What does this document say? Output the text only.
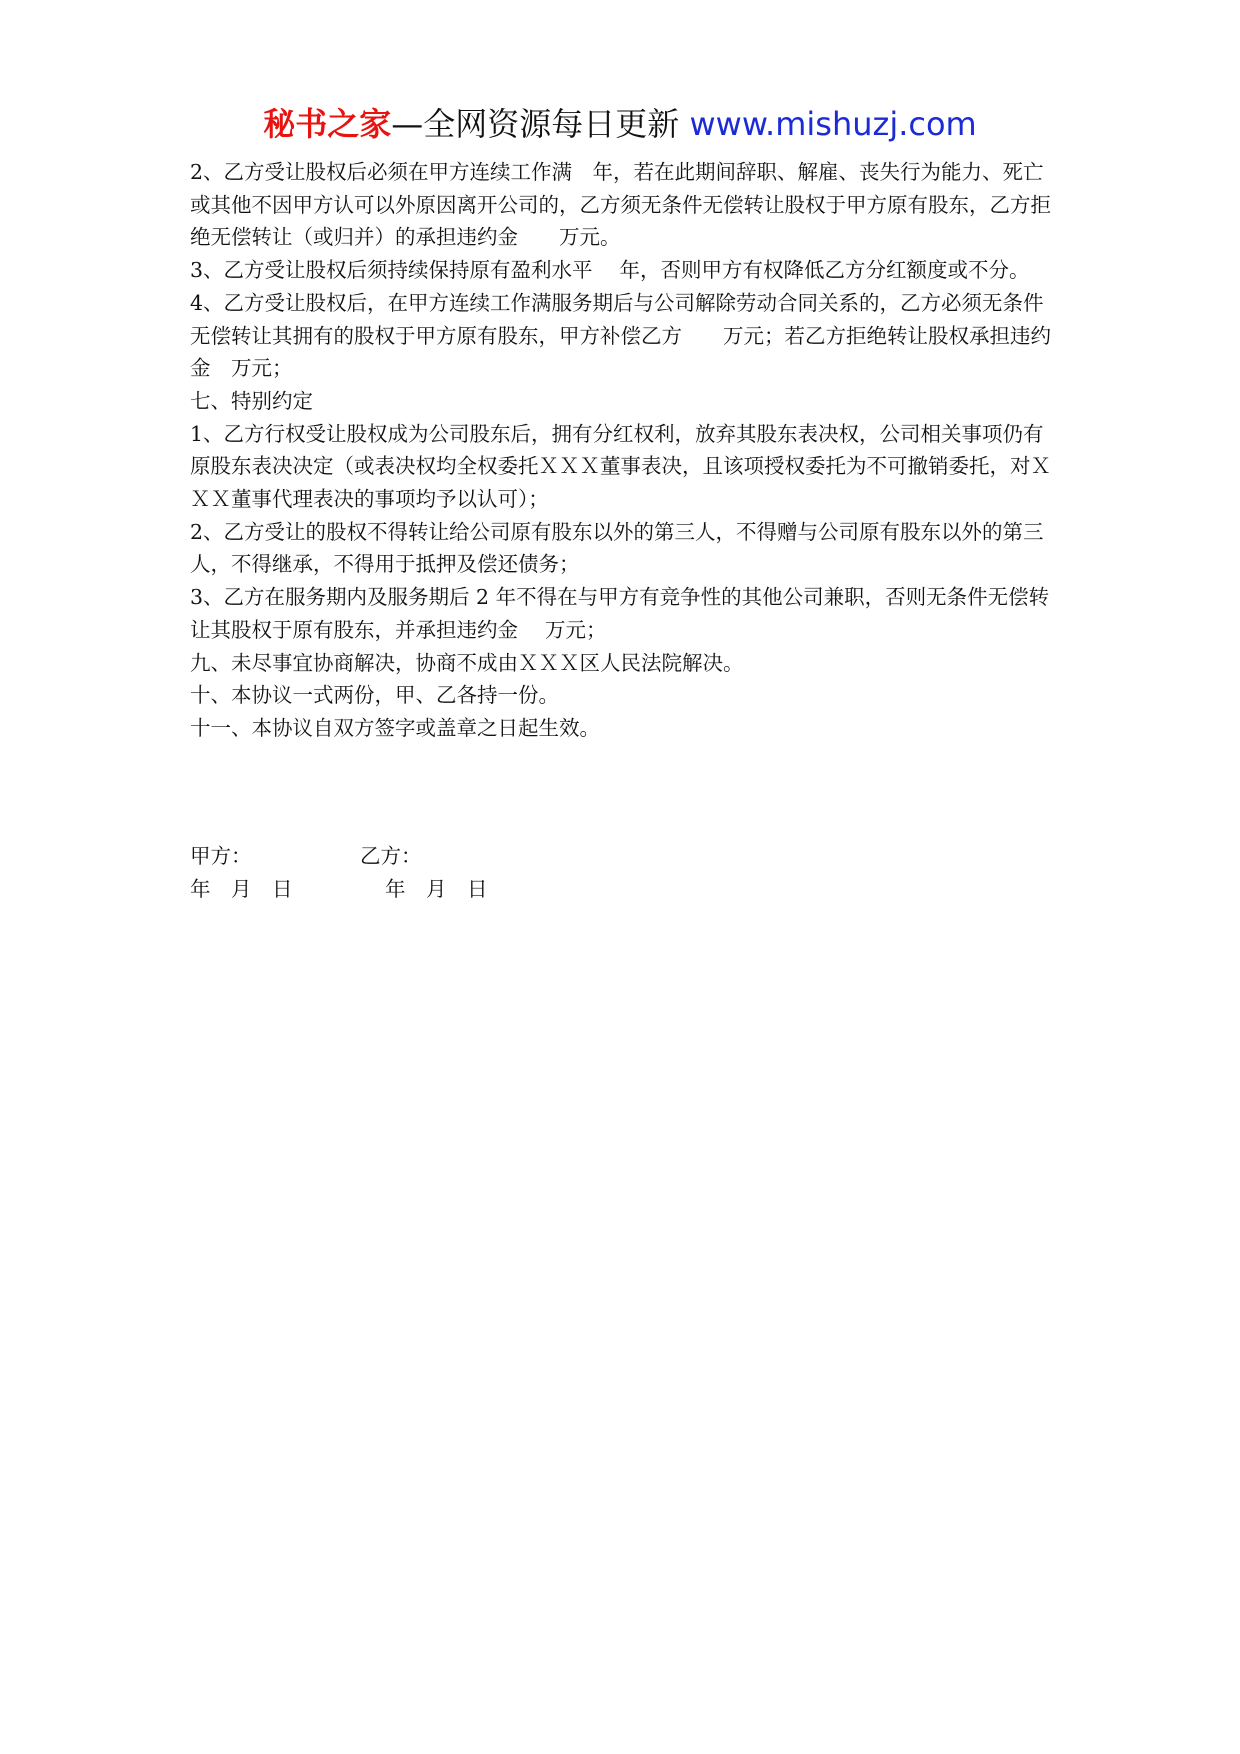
秘书之家—全网资源每日更新 www.mishuzj.com

2、乙方受让股权后必须在甲方连续工作满　年，若在此期间辞职、解雇、丧失行为能力、死亡或其他不因甲方认可以外原因离开公司的，乙方须无条件无偿转让股权于甲方原有股东，乙方拒绝无偿转让（或归并）的承担违约金　　万元。

3、乙方受让股权后须持续保持原有盈利水平　 年，否则甲方有权降低乙方分红额度或不分。

4、乙方受让股权后，在甲方连续工作满服务期后与公司解除劳动合同关系的，乙方必须无条件无偿转让其拥有的股权于甲方原有股东，甲方补偿乙方　　万元；若乙方拒绝转让股权承担违约金　万元；

七、特别约定

1、乙方行权受让股权成为公司股东后，拥有分红权利，放弃其股东表决权，公司相关事项仍有原股东表决决定（或表决权均全权委托ＸＸＸ董事表决，且该项授权委托为不可撤销委托，对ＸＸＸ董事代理表决的事项均予以认可）；

2、乙方受让的股权不得转让给公司原有股东以外的第三人，不得赠与公司原有股东以外的第三人，不得继承，不得用于抵押及偿还债务；

3、乙方在服务期内及服务期后 2 年不得在与甲方有竞争性的其他公司兼职，否则无条件无偿转让其股权于原有股东，并承担违约金　 万元；

九、未尽事宜协商解决，协商不成由ＸＸＸ区人民法院解决。

十、本协议一式两份，甲、乙各持一份。

十一、本协议自双方签字或盖章之日起生效。

甲方：	乙方：
年　月　日	年　月　日
